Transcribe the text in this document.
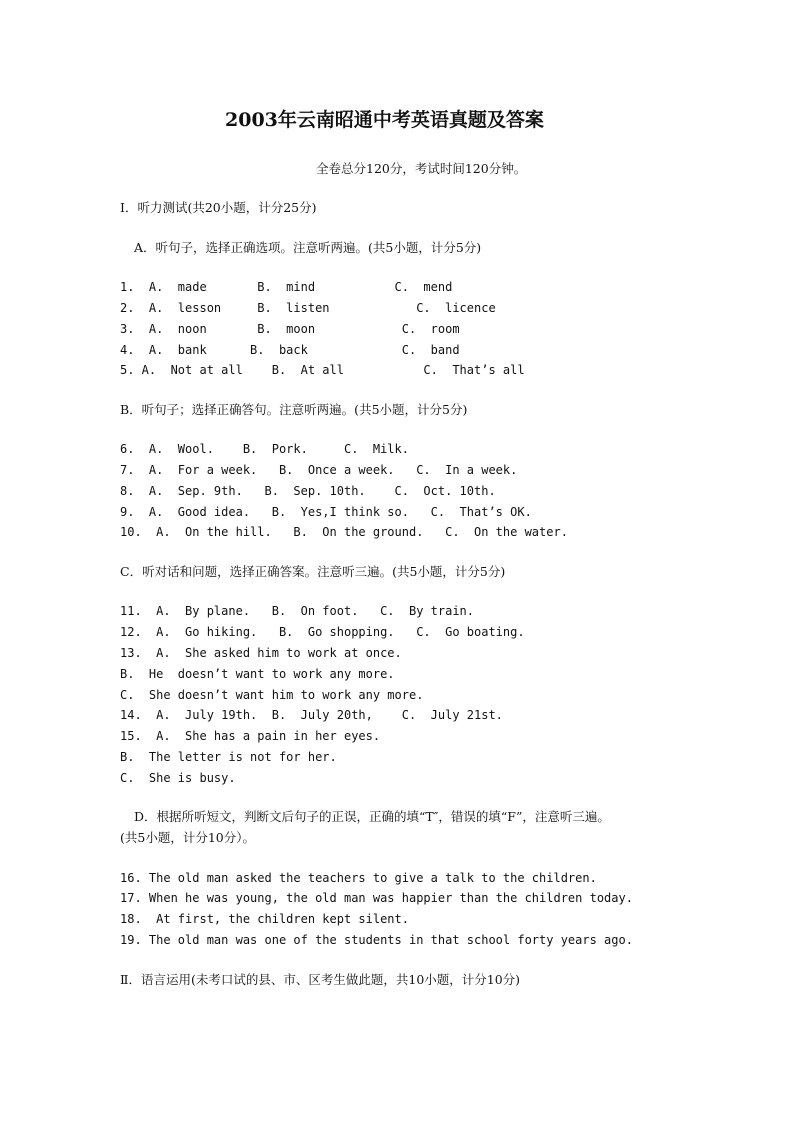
2003年云南昭通中考英语真题及答案
全卷总分120分，考试时间120分钟。
I．听力测试(共20小题，计分25分)
A．听句子，选择正确选项。注意听两遍。(共5小题，计分5分)
1.  A.  made       B.  mind           C.  mend
2.  A.  lesson     B.  listen            C.  licence
3.  A.  noon       B.  moon            C.  room
4.  A.  bank      B.  back             C.  band
5. A.  Not at all    B.  At all           C.  That’s all
B．听句子；选择正确答句。注意听两遍。(共5小题，计分5分)
6.  A.  Wool.    B.  Pork.     C.  Milk.
7.  A.  For a week.   B.  Once a week.   C.  In a week.
8.  A.  Sep. 9th.   B.  Sep. 10th.    C.  Oct. 10th.
9.  A.  Good idea.   B.  Yes,I think so.   C.  That’s OK.
10.  A.  On the hill.   B.  On the ground.   C.  On the water.
C．听对话和问题，选择正确答案。注意听三遍。(共5小题，计分5分)
11.  A.  By plane.   B.  On foot.   C.  By train.
12.  A.  Go hiking.   B.  Go shopping.   C.  Go boating.
13.  A.  She asked him to work at once.
B.  He  doesn’t want to work any more.
C.  She doesn’t want him to work any more.
14.  A.  July 19th.  B.  July 20th,    C.  July 21st.
15.  A.  She has a pain in her eyes.
B.  The letter is not for her.
C.  She is busy.
D．根据所听短文，判断文后句子的正误，正确的填“T″，错误的填“F”，注意听三遍。
(共5小题，计分10分）。
16. The old man asked the teachers to give a talk to the children.
17. When he was young, the old man was happier than the children today.
18.  At first, the children kept silent.
19. The old man was one of the students in that school forty years ago.
Ⅱ．语言运用(未考口试的县、市、区考生做此题，共10小题，计分10分)
